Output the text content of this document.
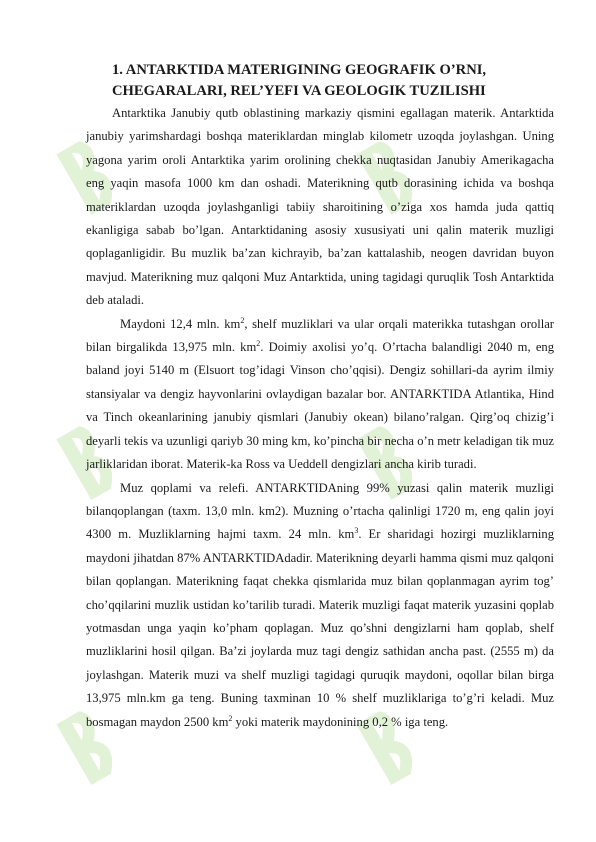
1. ANTARKTIDA MATERIGINING GEOGRAFIK O’RNI,
CHEGARALARI, REL’YEFI VA GEOLOGIK TUZILISHI

Antarktika Janubiy qutb oblastining markaziy qismini egallagan materik. Antarktida janubiy yarimshardagi boshqa materiklardan minglab kilometr uzoqda joylashgan. Uning yagona yarim oroli Antarktika yarim orolining chekka nuqtasidan Janubiy Amerikagacha eng yaqin masofa 1000 km dan oshadi. Materikning qutb dorasining ichida va boshqa materiklardan uzoqda joylashganligi tabiiy sharoitining o’ziga xos hamda juda qattiq ekanligiga sabab bo’lgan. Antarktidaning asosiy xususiyati uni qalin materik muzligi qoplaganligidir. Bu muzlik ba’zan kichrayib, ba’zan kattalashib, neogen davridan buyon mavjud. Materikning muz qalqoni Muz Antarktida, uning tagidagi quruqlik Tosh Antarktida deb ataladi.

Maydoni 12,4 mln. $km^2$, shelf muzliklari va ular orqali materikka tutashgan orollar bilan birgalikda 13,975 mln. $km^2$. Doimiy axolisi yo’q. O’rtacha balandligi 2040 m, eng baland joyi 5140 m (Elsuort tog’idagi Vinson cho’qqisi). Dengiz sohillari-da ayrim ilmiy stansiyalar va dengiz hayvonlarini ovlaydigan bazalar bor. ANTARKTIDA Atlantika, Hind va Tinch okeanlarining janubiy qismlari (Janubiy okean) bilano’ralgan. Qirg’oq chizig’i deyarli tekis va uzunligi qariyb 30 ming km, ko’pincha bir necha o’n metr keladigan tik muz jarliklaridan iborat. Materik-ka Ross va Ueddell dengizlari ancha kirib turadi.

Muz qoplami va relefi. ANTARKTIDAning 99% yuzasi qalin materik muzligi bilanqoplangan (taxm. 13,0 mln. km2). Muzning o’rtacha qalinligi 1720 m, eng qalin joyi 4300 m. Muzliklarning hajmi taxm. 24 mln. $km^3$. Er sharidagi hozirgi muzliklarning maydoni jihatdan 87% ANTARKTIDAdadir. Materikning deyarli hamma qismi muz qalqoni bilan qoplangan. Materikning faqat chekka qismlarida muz bilan qoplanmagan ayrim tog’ cho’qqilarini muzlik ustidan ko’tarilib turadi. Materik muzligi faqat materik yuzasini qoplab yotmasdan unga yaqin ko’pham qoplagan. Muz qo’shni dengizlarni ham qoplab, shelf muzliklarini hosil qilgan. Ba’zi joylarda muz tagi dengiz sathidan ancha past. (2555 m) da joylashgan. Materik muzi va shelf muzligi tagidagi quruqik maydoni, oqollar bilan birga 13,975 mln.km ga teng. Buning taxminan 10 % shelf muzliklariga to’g’ri keladi. Muz bosmagan maydon 2500 $km^2$ yoki materik maydonining 0,2 % iga teng.
